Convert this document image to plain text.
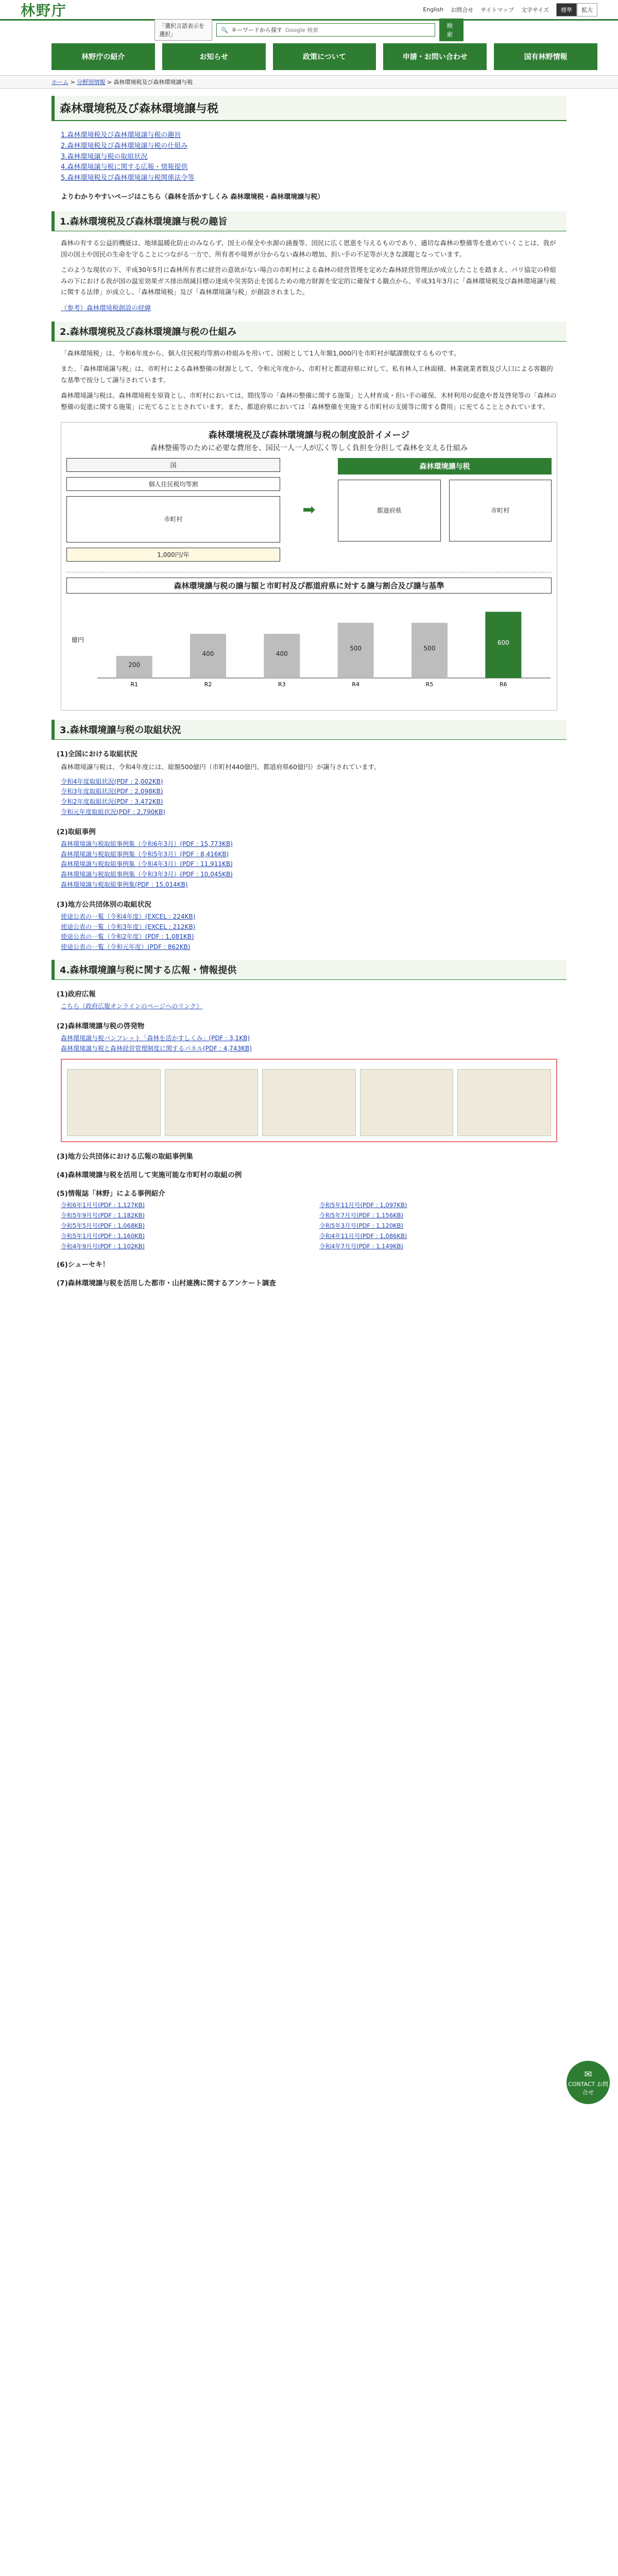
林野庁	English お問合せ サイトマップ 文字サイズ	標準	拡大
「選択言語表示を選択」
🔍 キーワードから探す
Google 検索
検索
林野庁の紹介	お知らせ	政策について	申請・お問い合わせ	国有林野情報
ホーム > 分野別情報 > 森林環境税及び森林環境譲与税
森林環境税及び森林環境譲与税
1.森林環境税及び森林環境譲与税の趣旨
2.森林環境税及び森林環境譲与税の仕組み
3.森林環境譲与税の取組状況
4.森林環境譲与税に関する広報・情報提供
5.森林環境税及び森林環境譲与税関係法令等
よりわかりやすいページはこちら（森林を活かすしくみ 森林環境税・森林環境譲与税）
1.森林環境税及び森林環境譲与税の趣旨

森林の有する公益的機能は、地球温暖化防止のみならず、国土の保全や水源の涵養等、国民に広く恩恵を与えるものであり、適切な森林の整備等を進めていくことは、我が国の国土や国民の生命を守ることにつながる一方で、所有者や境界が分からない森林の増加、担い手の不足等が大きな課題となっています。

このような現状の下、平成30年5月に森林所有者に経営の意欲がない場合の市町村による森林の経営管理を定めた森林経営管理法が成立したことを踏まえ、パリ協定の枠組みの下における我が国の温室効果ガス排出削減目標の達成や災害防止を図るための地方財源を安定的に確保する観点から、平成31年3月に「森林環境税及び森林環境譲与税に関する法律」が成立し、「森林環境税」及び「森林環境譲与税」が創設されました。

（参考）森林環境税創設の経緯
2.森林環境税及び森林環境譲与税の仕組み

「森林環境税」は、令和6年度から、個人住民税均等割の枠組みを用いて、国税として1人年額1,000円を市町村が賦課徴収するものです。

また、「森林環境譲与税」は、市町村による森林整備の財源として、令和元年度から、市町村と都道府県に対して、私有林人工林面積、林業就業者数及び人口による客観的な基準で按分して譲与されています。

森林環境譲与税は、森林環境税を原資とし、市町村においては、間伐等の「森林の整備に関する施策」と人材育成・担い手の確保、木材利用の促進や普及啓発等の「森林の整備の促進に関する施策」に充てることとされています。また、都道府県においては「森林整備を実施する市町村の支援等に関する費用」に充てることとされています。

森林環境税及び森林環境譲与税の制度設計イメージ
森林整備等のために必要な費用を、国民一人一人が広く等しく負担を分担して森林を支える仕組み
国
個人住民税均等割
市町村
1,000円/年
➡
森林環境譲与税
都道府県	市町村
森林環境譲与税の譲与額と市町村及び都道府県に対する譲与割合及び譲与基準
億円
200
R1
400
R2
400
R3
500
R4
500
R5
600
R6
3.森林環境譲与税の取組状況
(1)全国における取組状況

森林環境譲与税は、令和4年度には、総額500億円（市町村440億円、都道府県60億円）が譲与されています。

令和4年度取組状況(PDF : 2,002KB)
令和3年度取組状況(PDF : 2,098KB)
令和2年度取組状況(PDF : 3,472KB)
令和元年度取組状況(PDF : 2,790KB)
(2)取組事例
森林環境譲与税取組事例集（令和6年3月）(PDF : 15,773KB)
森林環境譲与税取組事例集（令和5年3月）(PDF : 8,416KB)
森林環境譲与税取組事例集（令和4年3月）(PDF : 11,911KB)
森林環境譲与税取組事例集（令和3年3月）(PDF : 10,045KB)
森林環境譲与税取組事例集(PDF : 15,014KB)
(3)地方公共団体別の取組状況
使途公表の一覧（令和4年度）(EXCEL : 224KB)
使途公表の一覧（令和3年度）(EXCEL : 212KB)
使途公表の一覧（令和2年度）(PDF : 1,081KB)
使途公表の一覧（令和元年度）(PDF : 862KB)
4.森林環境譲与税に関する広報・情報提供
(1)政府広報
こちら（政府広報オンラインのページへのリンク）
(2)森林環境譲与税の啓発物
森林環境譲与税パンフレット「森林を活かすしくみ」(PDF : 3,1KB)
森林環境譲与税と森林経営管理制度に関するパネル(PDF : 4,743KB)
(3)地方公共団体における広報の取組事例集
(4)森林環境譲与税を活用して実施可能な市町村の取組の例
(5)情報誌「林野」による事例紹介
令和6年1月号(PDF : 1,127KB)	令和5年11月号(PDF : 1,097KB)
令和5年9月号(PDF : 1,182KB)	令和5年7月号(PDF : 1,156KB)
令和5年5月号(PDF : 1,068KB)	令和5年3月号(PDF : 1,120KB)
令和5年1月号(PDF : 1,160KB)	令和4年11月号(PDF : 1,086KB)
令和4年9月号(PDF : 1,102KB)	令和4年7月号(PDF : 1,149KB)
(6)シューセキ！
(7)森林環境譲与税を活用した都市・山村連携に関するアンケート調査
✉
CONTACT お問合せ
